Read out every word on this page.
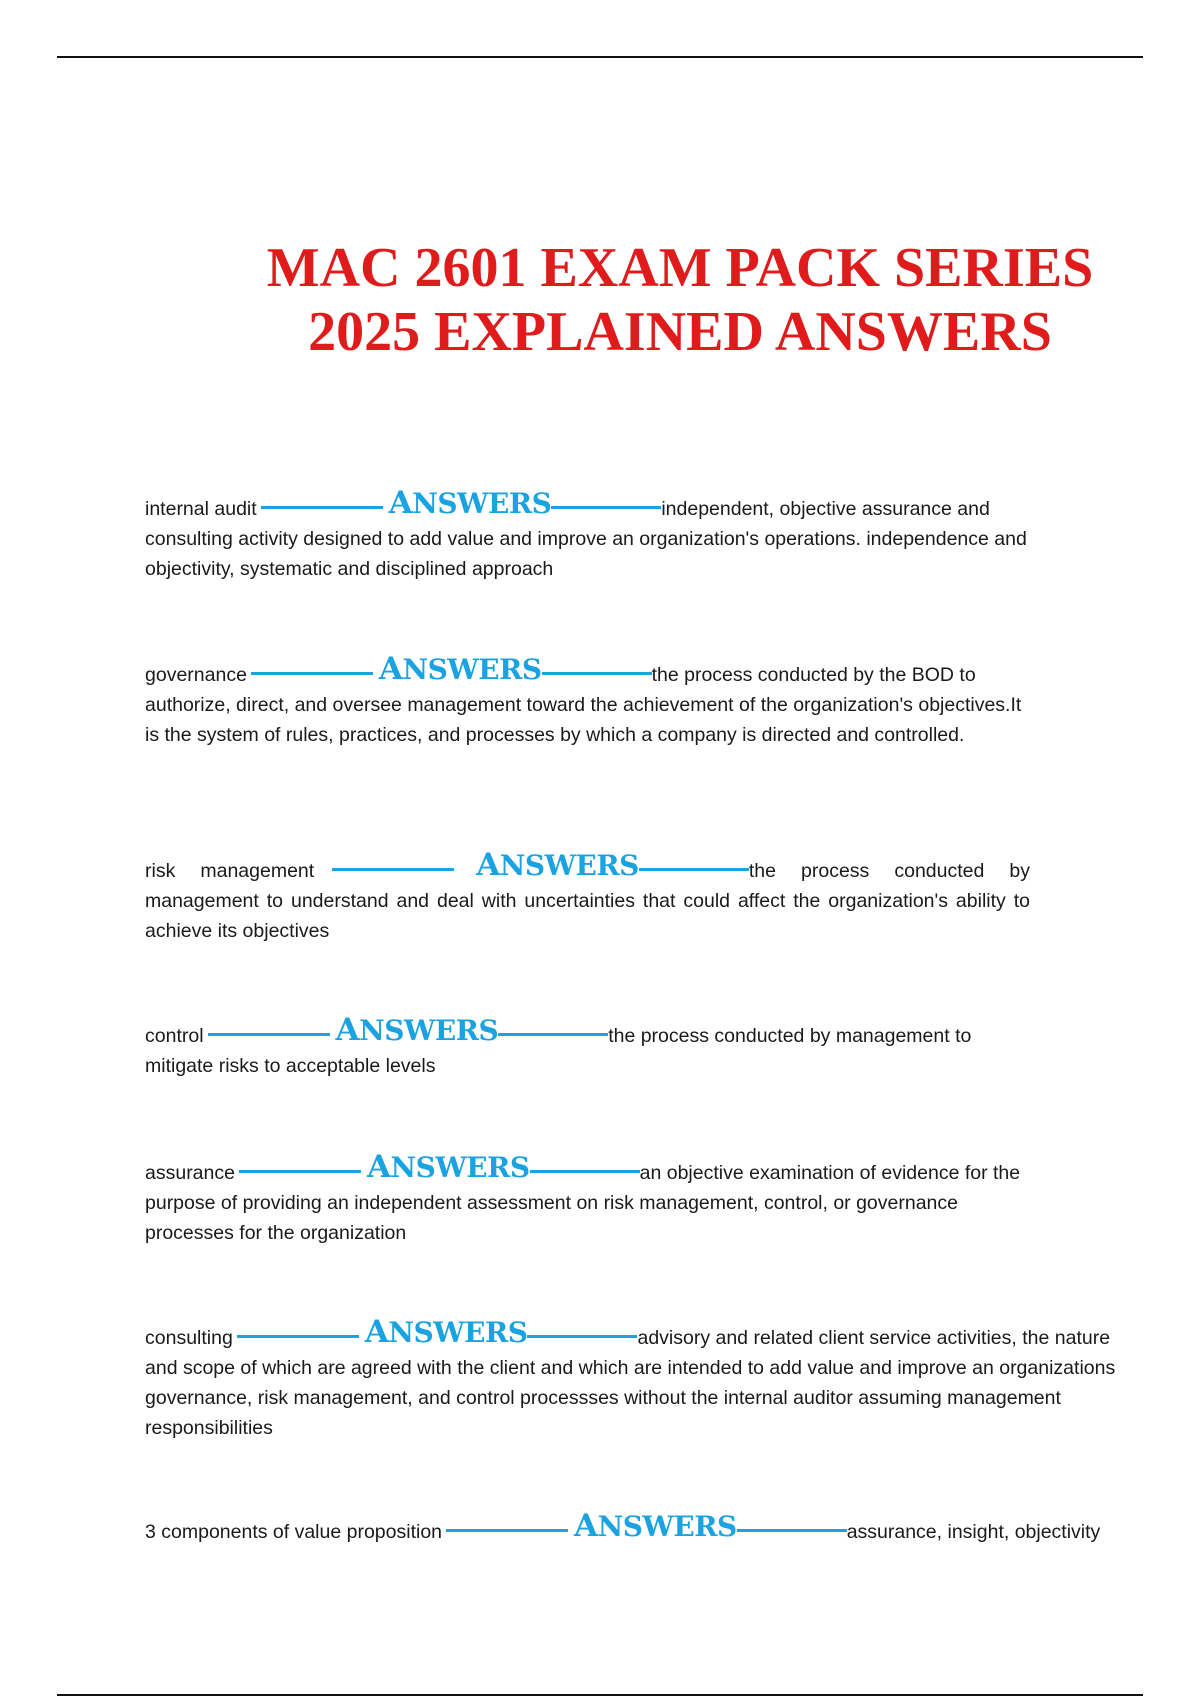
MAC 2601 EXAM PACK SERIES
2025 EXPLAINED ANSWERS
internal audit	ANSWERS	independent, objective assurance and consulting activity designed to add value and improve an organization's operations. independence and objectivity, systematic and disciplined approach
governance	ANSWERS	the process conducted by the BOD to authorize, direct, and oversee management toward the achievement of the organization's objectives.It is the system of rules, practices, and processes by which a company is directed and controlled.
risk management	ANSWERS	the process conducted by management to understand and deal with uncertainties that could affect the organization's ability to achieve its objectives
control	ANSWERS	the process conducted by management to mitigate risks to acceptable levels
assurance	ANSWERS	an objective examination of evidence for the purpose of providing an independent assessment on risk management, control, or governance processes for the organization
consulting	ANSWERS	advisory and related client service activities, the nature and scope of which are agreed with the client and which are intended to add value and improve an organizations governance, risk management, and control processses without the internal auditor assuming management responsibilities
3 components of value proposition	ANSWERS	assurance, insight, objectivity
